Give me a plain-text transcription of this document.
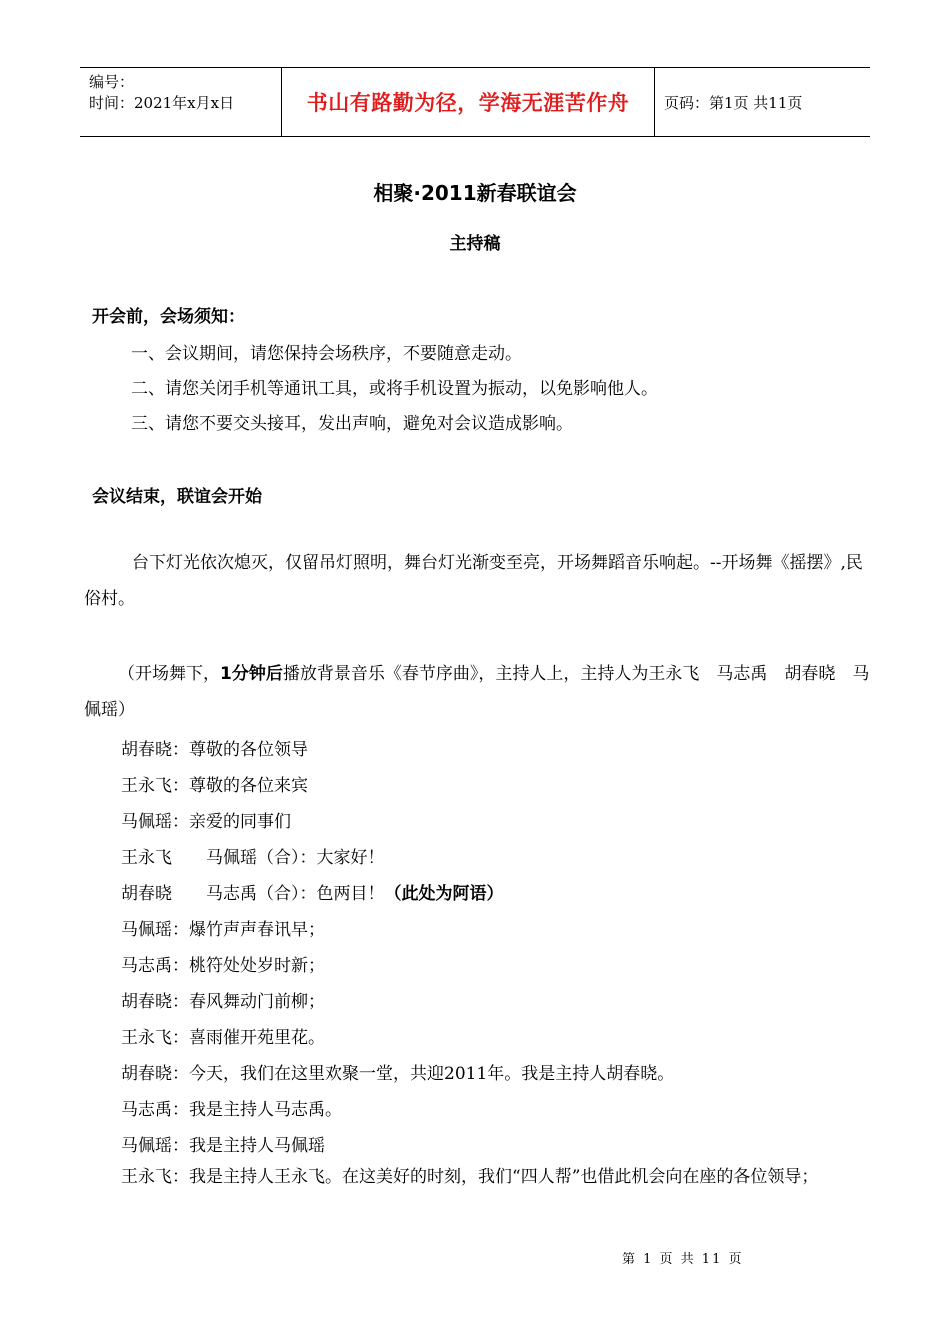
编号：
时间：2021年x月x日	书山有路勤为径，学海无涯苦作舟	页码：第1页 共11页
相聚·2011新春联谊会
主持稿
开会前，会场须知：
一、会议期间，请您保持会场秩序，不要随意走动。
二、请您关闭手机等通讯工具，或将手机设置为振动，以免影响他人。
三、请您不要交头接耳，发出声响，避免对会议造成影响。
会议结束，联谊会开始
台下灯光依次熄灭，仅留吊灯照明，舞台灯光渐变至亮，开场舞蹈音乐响起。--开场舞《摇摆》,民俗村。
（开场舞下，1分钟后播放背景音乐《春节序曲》，主持人上，主持人为王永飞　马志禹　胡春晓　马佩瑶）
胡春晓：尊敬的各位领导
王永飞：尊敬的各位来宾
马佩瑶：亲爱的同事们
王永飞　　马佩瑶（合）：大家好！
胡春晓　　马志禹（合）：色两目！（此处为阿语）
马佩瑶：爆竹声声春讯早；
马志禹：桃符处处岁时新；
胡春晓：春风舞动门前柳；
王永飞：喜雨催开苑里花。
胡春晓：今天，我们在这里欢聚一堂，共迎2011年。我是主持人胡春晓。
马志禹：我是主持人马志禹。
马佩瑶：我是主持人马佩瑶
王永飞：我是主持人王永飞。在这美好的时刻，我们“四人帮”也借此机会向在座的各位领导；
第 1 页 共 11 页
